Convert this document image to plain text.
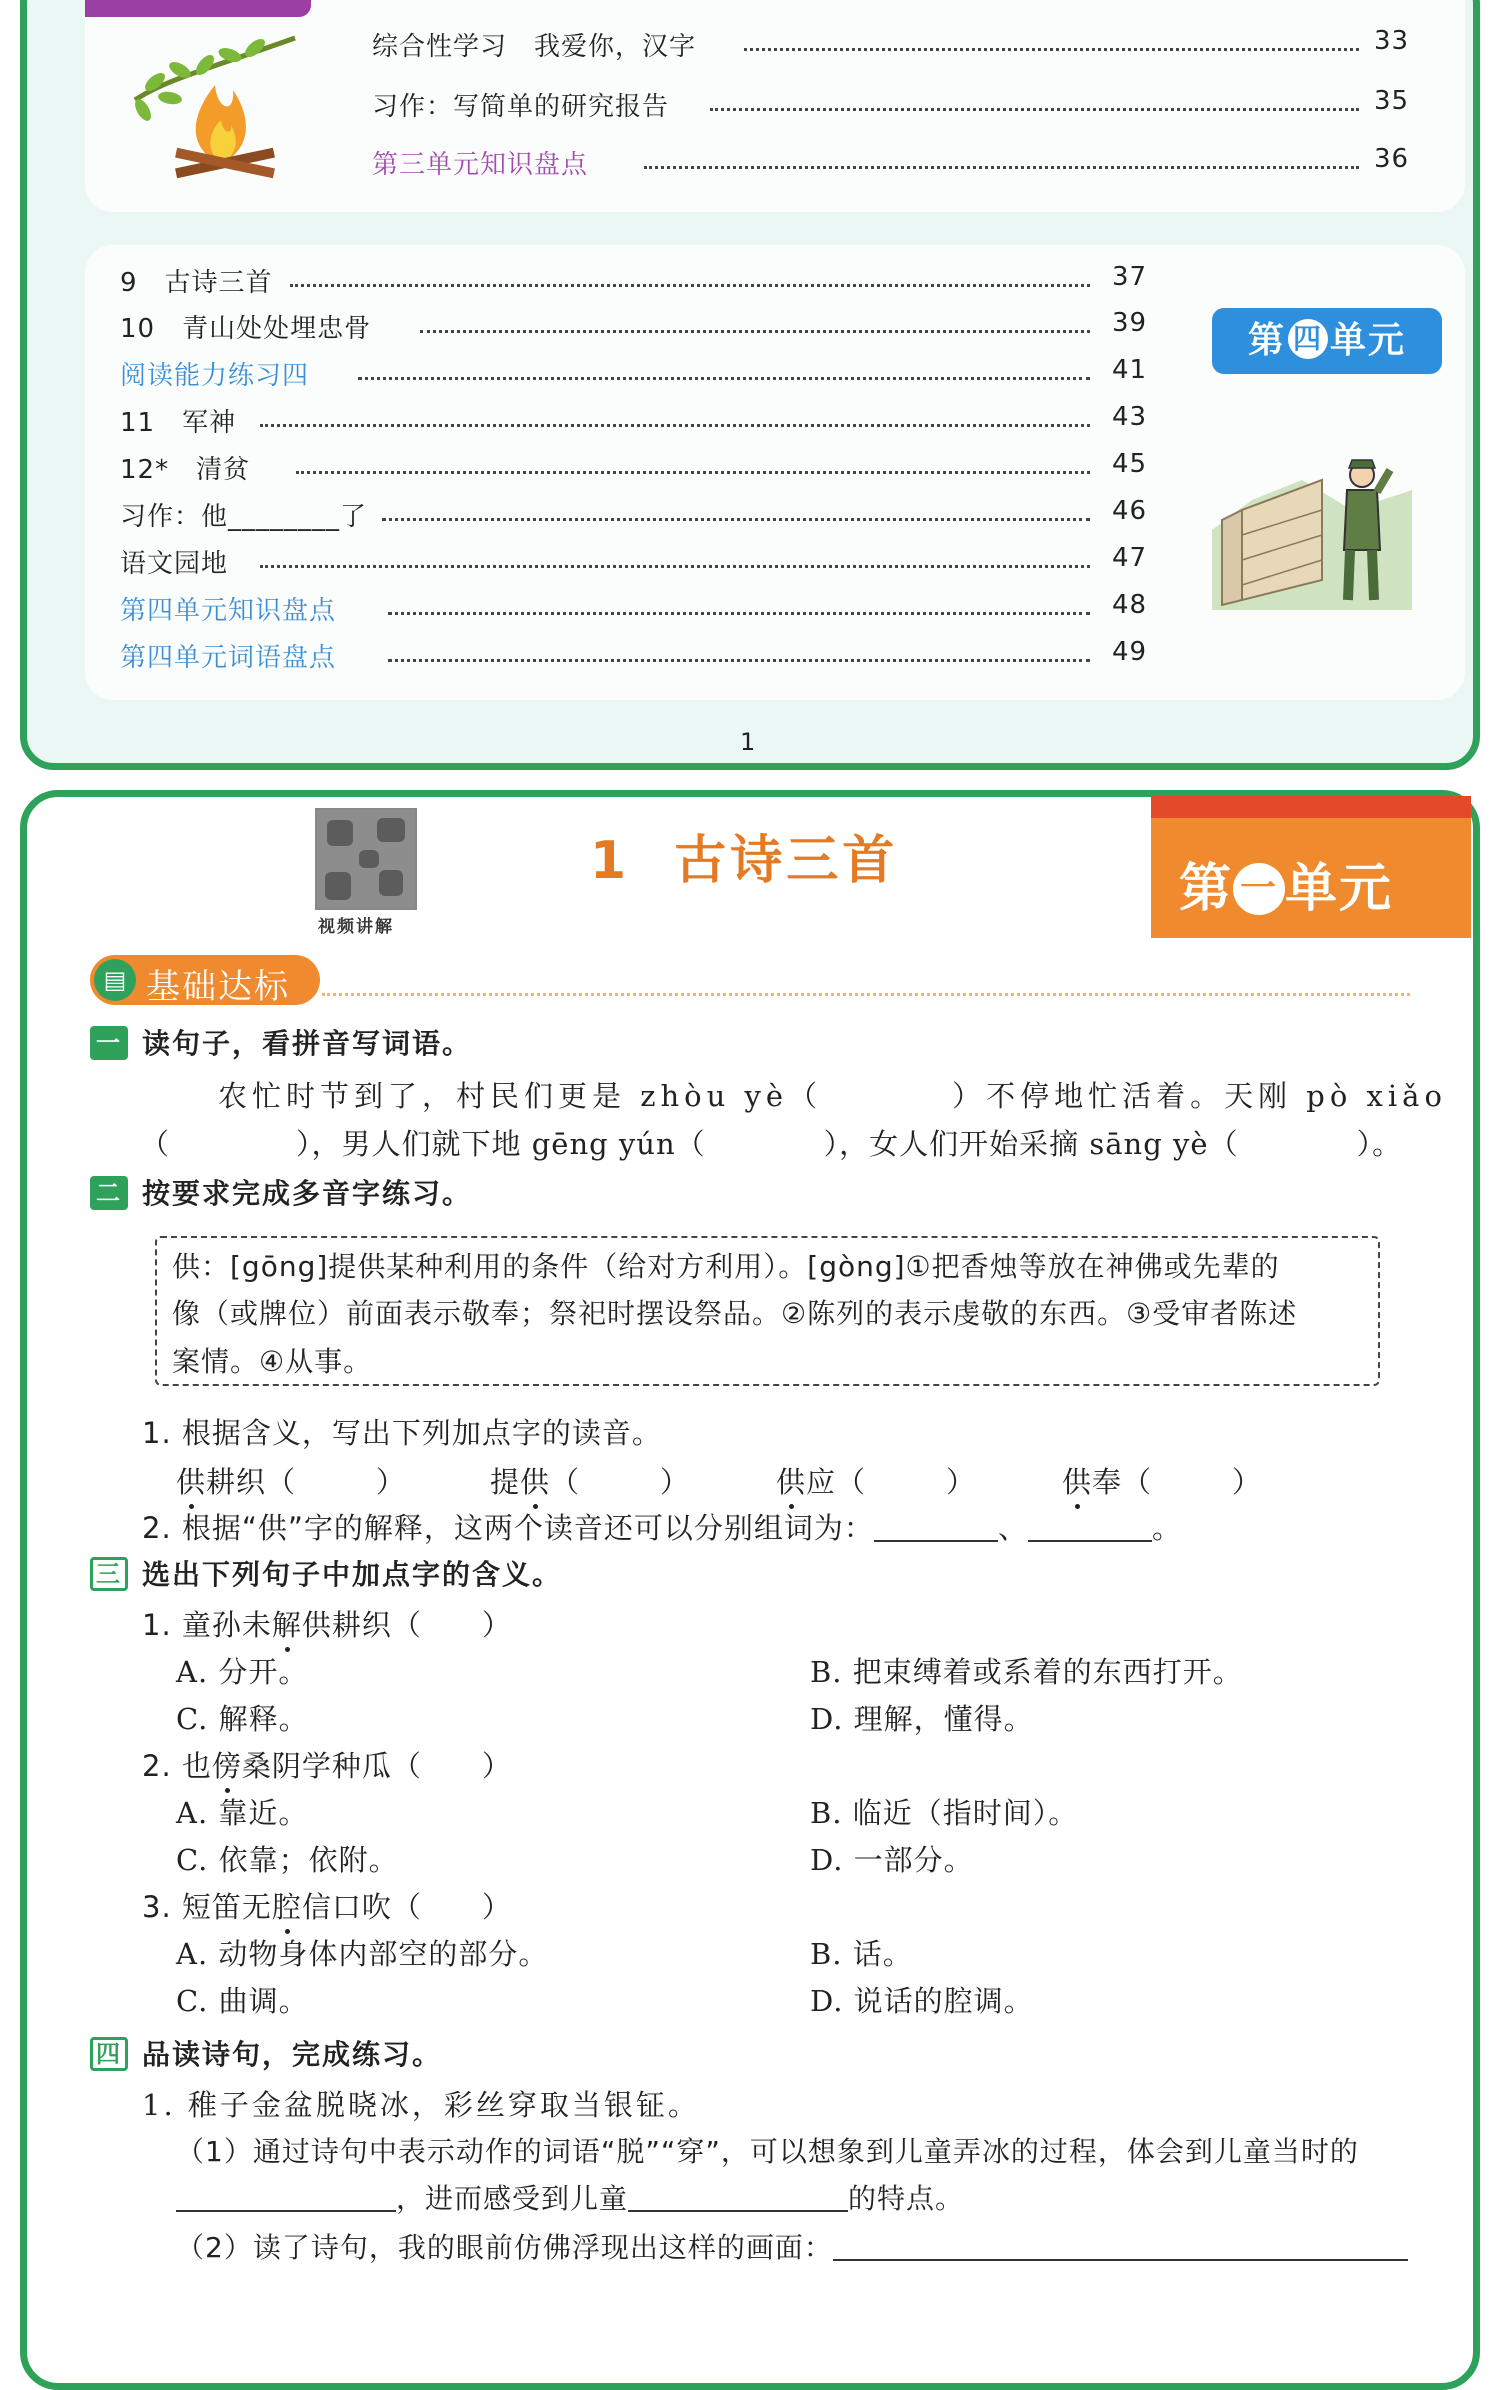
综合性学习　我爱你，汉字	33
习作：写简单的研究报告	35
第三单元知识盘点	36
9　古诗三首	37
10　青山处处埋忠骨	39
阅读能力练习四	41
11　军神	43
12*　清贫	45
习作：他________了	46
语文园地	47
第四单元知识盘点	48
第四单元词语盘点	49
第 四 单元
1
视频讲解
1 古诗三首	第 一 单元
▤ 基础达标
一 读句子，看拼音写词语。
农忙时节到了，村民们更是 zhòu yè（	）不停地忙活着。天刚 pò xiǎo
（	），男人们就下地 gēng yún（	），女人们开始采摘 sāng yè（	）。
二 按要求完成多音字练习。
供：[gōng]提供某种利用的条件（给对方利用）。[gòng]①把香烛等放在神佛或先辈的
像（或牌位）前面表示敬奉；祭祀时摆设祭品。②陈列的表示虔敬的东西。③受审者陈述
案情。④从事。
1. 根据含义，写出下列加点字的读音。
供耕织（	）	提供（	）	供应（	）	供奉（	）
2. 根据“供”字的解释，这两个读音还可以分别组词为：	、	。
三 选出下列句子中加点字的含义。
1. 童孙未解供耕织（　　）
A. 分开。	B. 把束缚着或系着的东西打开。
C. 解释。	D. 理解，懂得。
2. 也傍桑阴学种瓜（　　）
A. 靠近。	B. 临近（指时间）。
C. 依靠；依附。	D. 一部分。
3. 短笛无腔信口吹（　　）
A. 动物身体内部空的部分。	B. 话。
C. 曲调。	D. 说话的腔调。
四 品读诗句，完成练习。
1. 稚子金盆脱晓冰，彩丝穿取当银钲。
（1）通过诗句中表示动作的词语“脱”“穿”，可以想象到儿童弄冰的过程，体会到儿童当时的
，进而感受到儿童	的特点。
（2）读了诗句，我的眼前仿佛浮现出这样的画面：
